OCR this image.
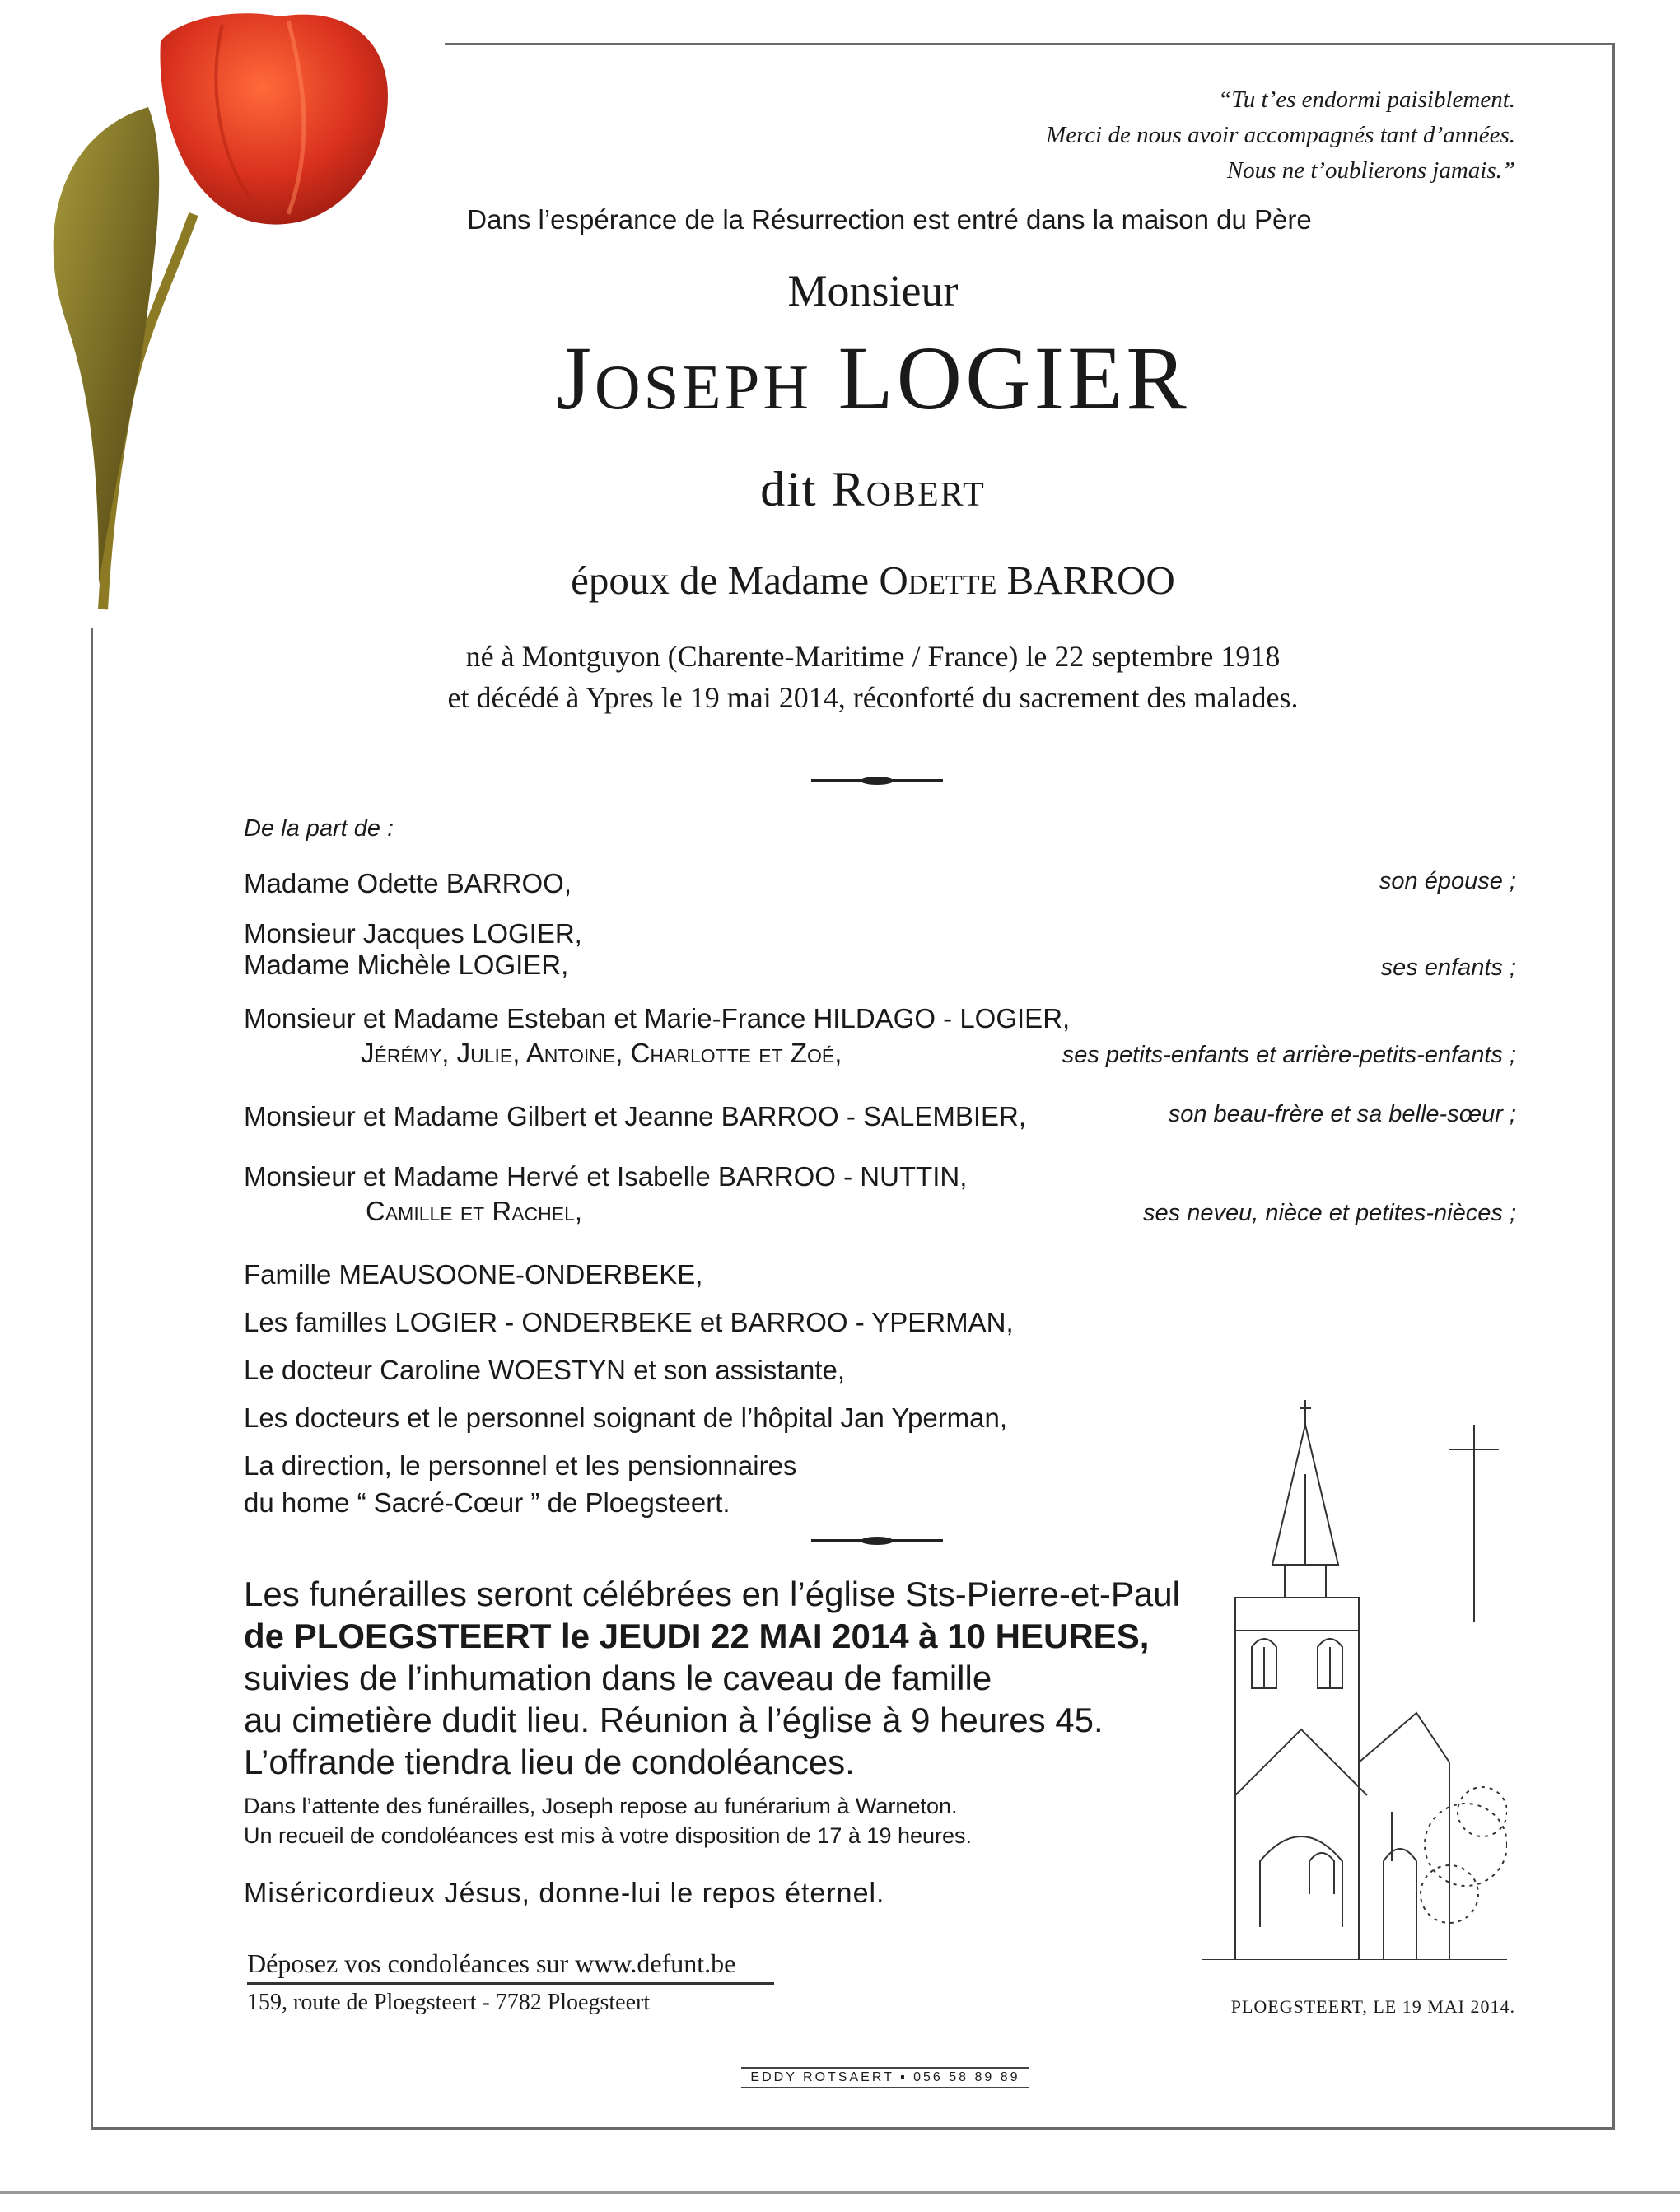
“Tu t’es endormi paisiblement.
Merci de nous avoir accompagnés tant d’années.
Nous ne t’oublierons jamais.”
Dans l’espérance de la Résurrection est entré dans la maison du Père
Monsieur
Joseph LOGIER
dit Robert
époux de Madame Odette BARROO
né à Montguyon (Charente-Maritime / France) le 22 septembre 1918
et décédé à Ypres le 19 mai 2014, réconforté du sacrement des malades.
De la part de :
Madame Odette BARROO,	son épouse ;
Monsieur Jacques LOGIER,
Madame Michèle LOGIER,	ses enfants ;
Monsieur et Madame Esteban et Marie-France HILDAGO - LOGIER,
Jérémy, Julie, Antoine, Charlotte et Zoé,	ses petits-enfants et arrière-petits-enfants ;
Monsieur et Madame Gilbert et Jeanne BARROO - SALEMBIER,	son beau-frère et sa belle-sœur ;
Monsieur et Madame Hervé et Isabelle BARROO - NUTTIN,
Camille et Rachel,	ses neveu, nièce et petites-nièces ;
Famille MEAUSOONE-ONDERBEKE,
Les familles LOGIER - ONDERBEKE et BARROO - YPERMAN,
Le docteur Caroline WOESTYN et son assistante,
Les docteurs et le personnel soignant de l’hôpital Jan Yperman,
La direction, le personnel et les pensionnaires
du home “ Sacré-Cœur ” de Ploegsteert.
Les funérailles seront célébrées en l’église Sts-Pierre-et-Paul
de PLOEGSTEERT le JEUDI 22 MAI 2014 à 10 HEURES,
suivies de l’inhumation dans le caveau de famille
au cimetière dudit lieu. Réunion à l’église à 9 heures 45.
L’offrande tiendra lieu de condoléances.
Dans l’attente des funérailles, Joseph repose au funérarium à Warneton.
Un recueil de condoléances est mis à votre disposition de 17 à 19 heures.
Miséricordieux Jésus, donne-lui le repos éternel.
Déposez vos condoléances sur www.defunt.be
159, route de Ploegsteert - 7782 Ploegsteert	PLOEGSTEERT, LE 19 MAI 2014.
EDDY ROTSAERT ▪ 056 58 89 89
